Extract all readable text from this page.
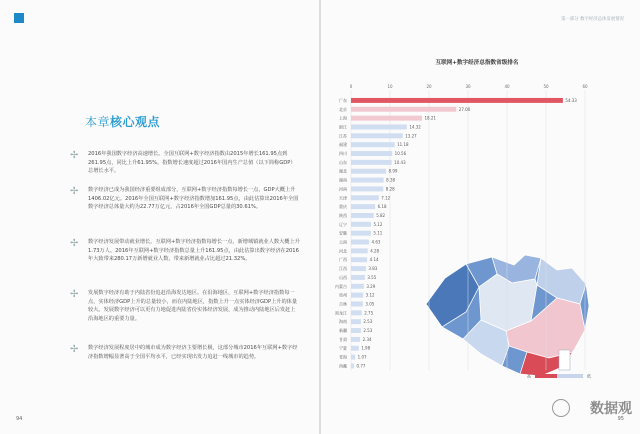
本章核心观点
✢	2016年我国数字经济高速增长。全国互联网+数字经济指数由2015年增长161.95点到261.95点，同比上升61.95%。指数增长速度超过2016年国内生产总值（以下简称GDP）总增长水平。
✢	数字经济已成为我国经济重要组成部分，互联网+数字经济指数每增长一点，GDP大概上升1406.02亿元。2016年全国互联网+数字经济指数增加161.95点，由此估算出2016年全国数字经济总体量大约为22.77万亿元，占2016年全国GDP总量的30.61%。
✢	数字经济发展带动就业增长。互联网+数字经济指数每增长一点，新增城镇就业人数大概上升1.73万人。2016年互联网+数字经济指数总量上升161.95点，由此估算出数字经济在2016年大致带来280.17万新增就业人数，带来新增就业占比超过21.32%。
✢	发展数字经济有助于内陆省份追赶沿海发达地区。在沿海地区，互联网+数字经济指数每一点，实体经济GDP上升的总量较小，而在内陆地区，指数上升一点实体经济GDP上升的体量较大。发展数字经济可以更有力地促进内陆省份实体经济发展，成为推动内陆地区后发赶上沿海地区的重要力量。
✢	数字经济发展程度居中的城市成为数字经济主要增长极，这部分城市2016年互联网+数字经济指数增幅显著高于全国平均水平，已经实现出发力追赶一线城市的趋势。
94
第一部分 数字经济总体发展情况
互联网+数字经济总指数省级排名
0	10	20	30	40	50	60
广东	54.33
北京	27.00
上海	18.21
浙江	14.32
江苏	13.27
福建	11.18
四川	10.56
山东	10.43
湖北	8.99
湖南	8.38
河南	8.28
天津	7.12
重庆	6.18
陕西	5.82
辽宁	5.12
安徽	5.11
云南	4.63
河北	4.28
广西	4.14
江西	3.83
山西	3.55
内蒙古	3.29
贵州	3.12
吉林	3.05
黑龙江	2.75
海南	2.53
新疆	2.53
甘肃	2.34
宁夏	1.98
青海	1.07
西藏 0.77
高	低
数据观
95
